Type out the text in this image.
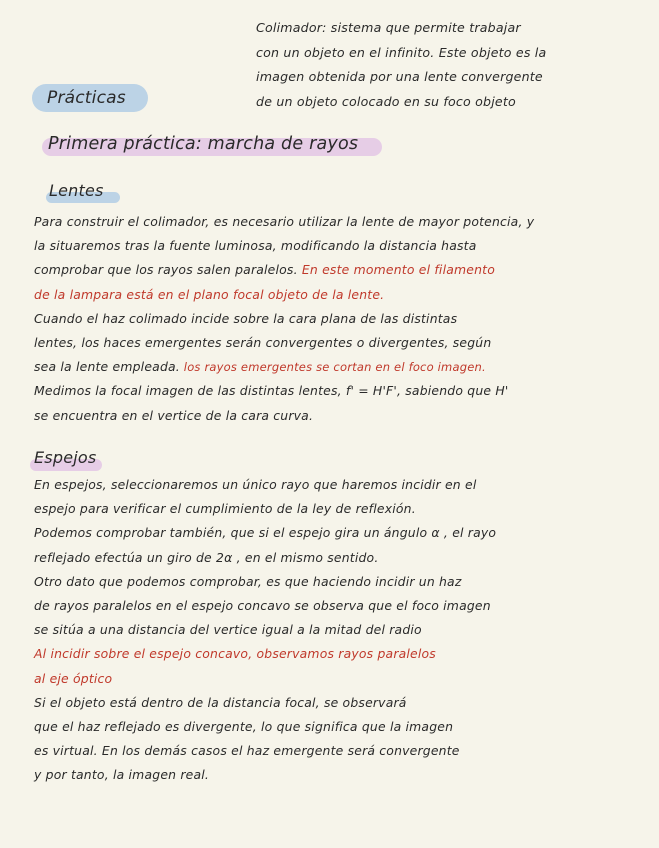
Colimador: sistema que permite trabajar
con un objeto en el infinito. Este objeto es la
imagen obtenida por una lente convergente
de un objeto colocado en su foco objeto
Prácticas
Primera práctica: marcha de rayos
Lentes
Para construir el colimador, es necesario utilizar la lente de mayor potencia, y
la situaremos tras la fuente luminosa, modificando la distancia hasta
comprobar que los rayos salen paralelos. En este momento el filamento
de la lampara está en el plano focal objeto de la lente.
Cuando el haz colimado incide sobre la cara plana de las distintas
lentes, los haces emergentes serán convergentes o divergentes, según
sea la lente empleada. los rayos emergentes se cortan en el foco imagen.
Medimos la focal imagen de las distintas lentes, f' = H'F', sabiendo que H'
se encuentra en el vertice de la cara curva.
Espejos
En espejos, seleccionaremos un único rayo que haremos incidir en el
espejo para verificar el cumplimiento de la ley de reflexión.
Podemos comprobar también, que si el espejo gira un ángulo α , el rayo
reflejado efectúa un giro de 2α , en el mismo sentido.
Otro dato que podemos comprobar, es que haciendo incidir un haz
de rayos paralelos en el espejo concavo se observa que el foco imagen
se sitúa a una distancia del vertice igual a la mitad del radio
Al incidir sobre el espejo concavo, observamos rayos paralelos
al eje óptico
Si el objeto está dentro de la distancia focal, se observará
que el haz reflejado es divergente, lo que significa que la imagen
es virtual. En los demás casos el haz emergente será convergente
y por tanto, la imagen real.
